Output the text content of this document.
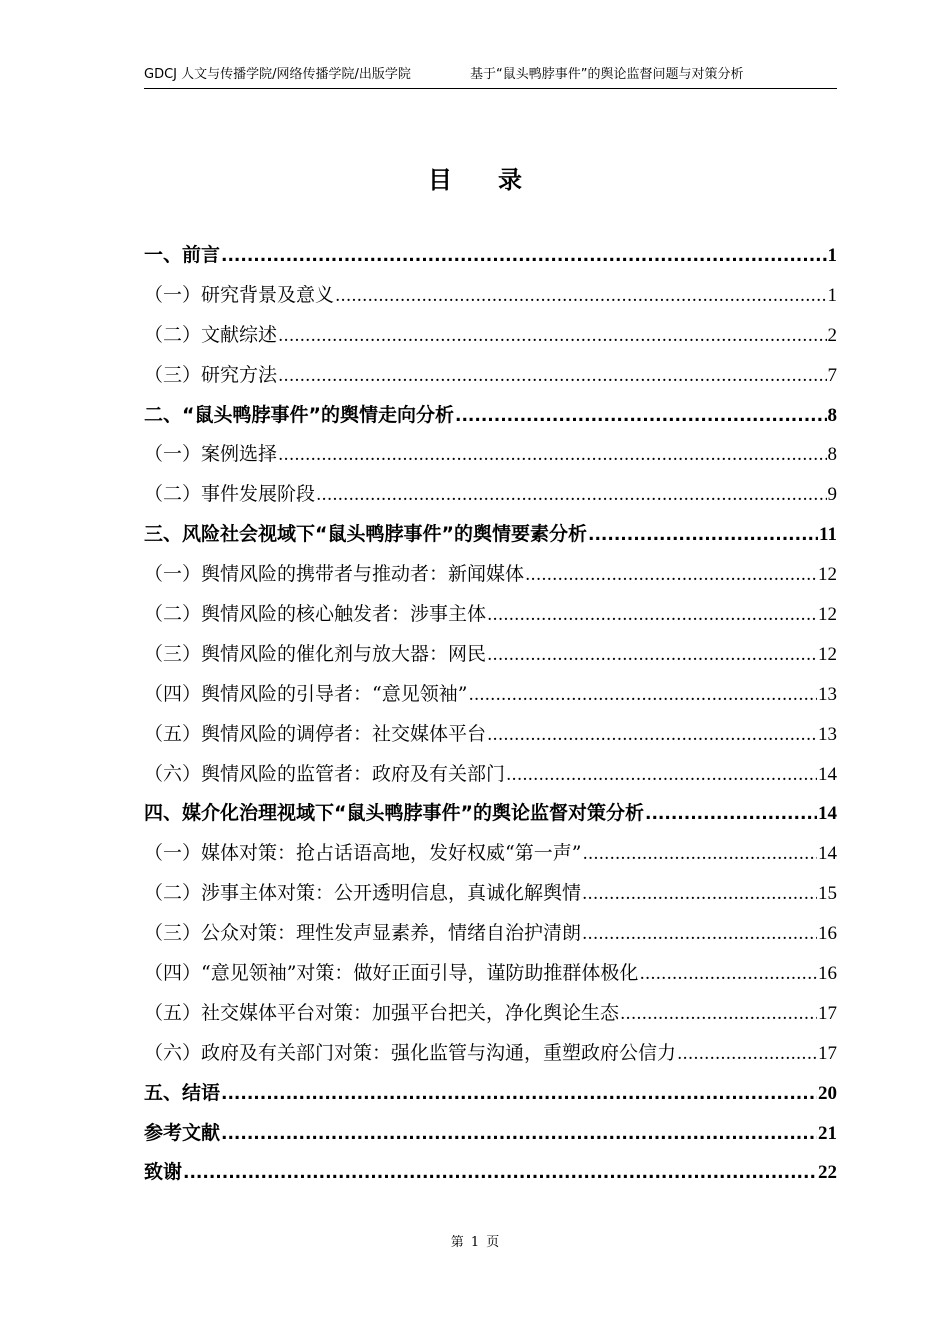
GDCJ 人文与传播学院/网络传播学院/出版学院	基于“鼠头鸭脖事件”的舆论监督问题与对策分析
目 录
一、前言 .....	1
（一）研究背景及意义 .....	1
（二）文献综述 .....	2
（三）研究方法 .....	7
二、“鼠头鸭脖事件”的舆情走向分析 .....	8
（一）案例选择 .....	8
（二）事件发展阶段 .....	9
三、风险社会视域下“鼠头鸭脖事件”的舆情要素分析 .....	11
（一）舆情风险的携带者与推动者：新闻媒体 .....	12
（二）舆情风险的核心触发者：涉事主体 .....	12
（三）舆情风险的催化剂与放大器：网民 .....	12
（四）舆情风险的引导者：“意见领袖” .....	13
（五）舆情风险的调停者：社交媒体平台 .....	13
（六）舆情风险的监管者：政府及有关部门 .....	14
四、媒介化治理视域下“鼠头鸭脖事件”的舆论监督对策分析 .....	14
（一）媒体对策：抢占话语高地，发好权威“第一声” .....	14
（二）涉事主体对策：公开透明信息，真诚化解舆情 .....	15
（三）公众对策：理性发声显素养，情绪自治护清朗 .....	16
（四）“意见领袖”对策：做好正面引导，谨防助推群体极化 .....	16
（五）社交媒体平台对策：加强平台把关，净化舆论生态 .....	17
（六）政府及有关部门对策：强化监管与沟通，重塑政府公信力 .....	17
五、结语 .....	20
参考文献 .....	21
致谢 .....	22
第 1 页
